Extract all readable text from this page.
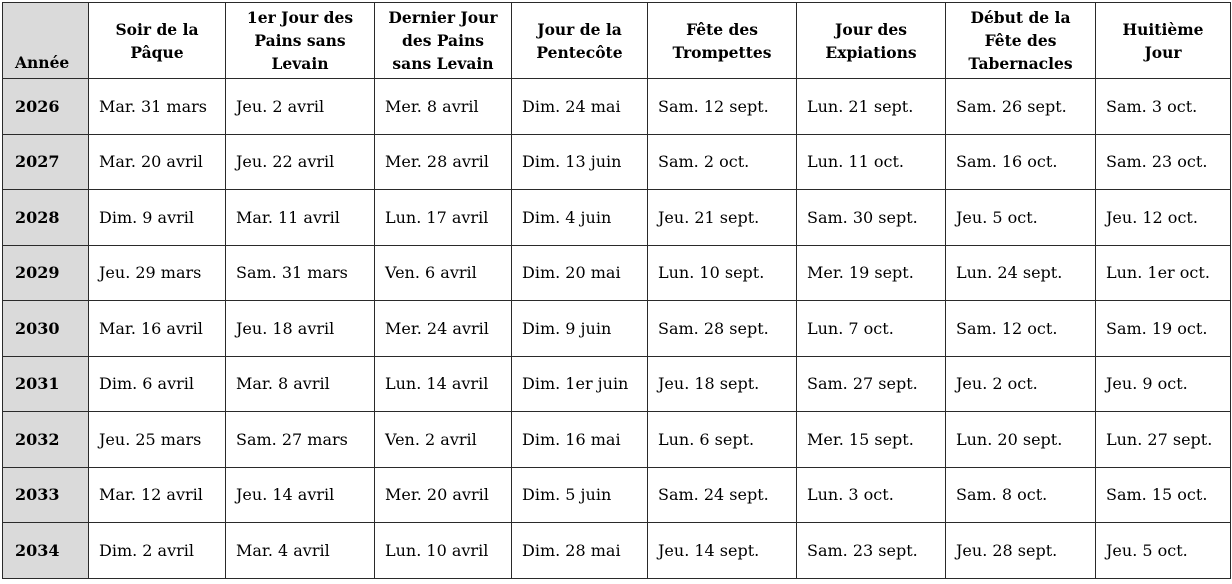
Année	Soir de la Pâque	1er Jour des Pains sans Levain	Dernier Jour des Pains sans Levain	Jour de la Pentecôte	Fête des Trompettes	Jour des Expiations	Début de la Fête des Tabernacles	Huitième Jour
2026	Mar. 31 mars	Jeu. 2 avril	Mer. 8 avril	Dim. 24 mai	Sam. 12 sept.	Lun. 21 sept.	Sam. 26 sept.	Sam. 3 oct.
2027	Mar. 20 avril	Jeu. 22 avril	Mer. 28 avril	Dim. 13 juin	Sam. 2 oct.	Lun. 11 oct.	Sam. 16 oct.	Sam. 23 oct.
2028	Dim. 9 avril	Mar. 11 avril	Lun. 17 avril	Dim. 4 juin	Jeu. 21 sept.	Sam. 30 sept.	Jeu. 5 oct.	Jeu. 12 oct.
2029	Jeu. 29 mars	Sam. 31 mars	Ven. 6 avril	Dim. 20 mai	Lun. 10 sept.	Mer. 19 sept.	Lun. 24 sept.	Lun. 1er oct.
2030	Mar. 16 avril	Jeu. 18 avril	Mer. 24 avril	Dim. 9 juin	Sam. 28 sept.	Lun. 7 oct.	Sam. 12 oct.	Sam. 19 oct.
2031	Dim. 6 avril	Mar. 8 avril	Lun. 14 avril	Dim. 1er juin	Jeu. 18 sept.	Sam. 27 sept.	Jeu. 2 oct.	Jeu. 9 oct.
2032	Jeu. 25 mars	Sam. 27 mars	Ven. 2 avril	Dim. 16 mai	Lun. 6 sept.	Mer. 15 sept.	Lun. 20 sept.	Lun. 27 sept.
2033	Mar. 12 avril	Jeu. 14 avril	Mer. 20 avril	Dim. 5 juin	Sam. 24 sept.	Lun. 3 oct.	Sam. 8 oct.	Sam. 15 oct.
2034	Dim. 2 avril	Mar. 4 avril	Lun. 10 avril	Dim. 28 mai	Jeu. 14 sept.	Sam. 23 sept.	Jeu. 28 sept.	Jeu. 5 oct.
